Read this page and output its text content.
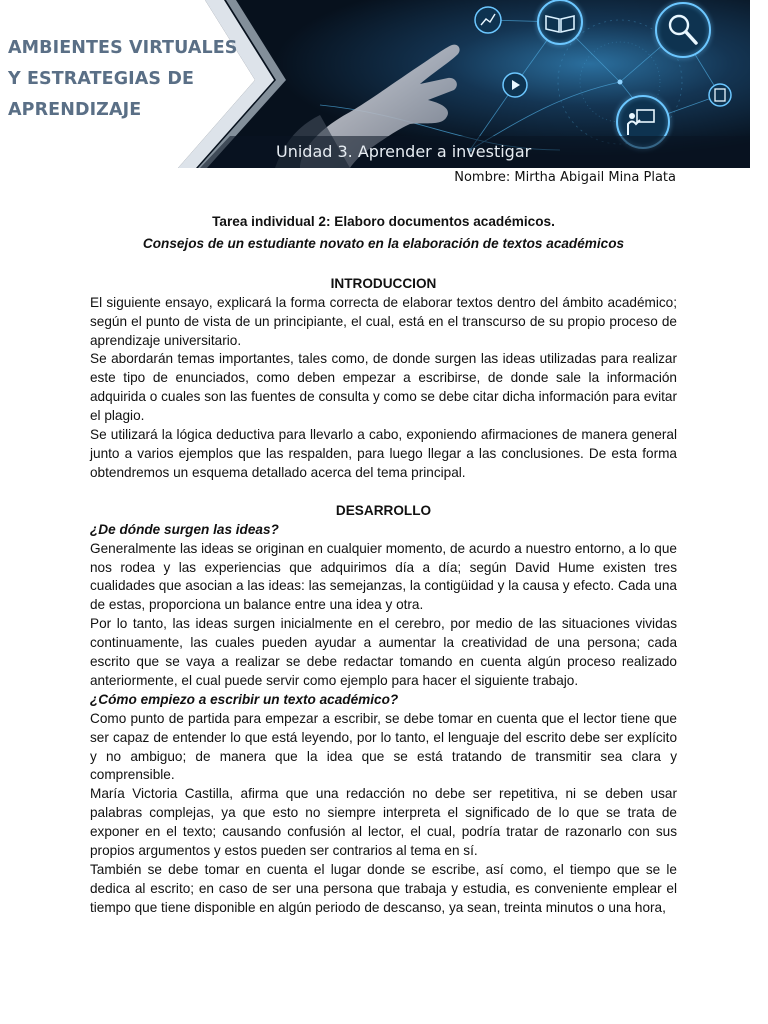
AMBIENTES VIRTUALES
Y ESTRATEGIAS DE
APRENDIZAJE
Unidad 3. Aprender a investigar
Nombre: Mirtha Abigail Mina Plata

Tarea individual 2: Elaboro documentos académicos.

Consejos de un estudiante novato en la elaboración de textos académicos

INTRODUCCION

El siguiente ensayo, explicará la forma correcta de elaborar textos dentro del ámbito académico; según el punto de vista de un principiante, el cual, está en el transcurso de su propio proceso de aprendizaje universitario.

Se abordarán temas importantes, tales como, de donde surgen las ideas utilizadas para realizar este tipo de enunciados, como deben empezar a escribirse, de donde sale la información adquirida o cuales son las fuentes de consulta y como se debe citar dicha información para evitar el plagio.

Se utilizará la lógica deductiva para llevarlo a cabo, exponiendo afirmaciones de manera general junto a varios ejemplos que las respalden, para luego llegar a las conclusiones. De esta forma obtendremos un esquema detallado acerca del tema principal.

DESARROLLO

¿De dónde surgen las ideas?

Generalmente las ideas se originan en cualquier momento, de acurdo a nuestro entorno, a lo que nos rodea y las experiencias que adquirimos día a día; según David Hume existen tres cualidades que asocian a las ideas: las semejanzas, la contigüidad y la causa y efecto. Cada una de estas, proporciona un balance entre una idea y otra.

Por lo tanto, las ideas surgen inicialmente en el cerebro, por medio de las situaciones vividas continuamente, las cuales pueden ayudar a aumentar la creatividad de una persona; cada escrito que se vaya a realizar se debe redactar tomando en cuenta algún proceso realizado anteriormente, el cual puede servir como ejemplo para hacer el siguiente trabajo.

¿Cómo empiezo a escribir un texto académico?

Como punto de partida para empezar a escribir, se debe tomar en cuenta que el lector tiene que ser capaz de entender lo que está leyendo, por lo tanto, el lenguaje del escrito debe ser explícito y no ambiguo; de manera que la idea que se está tratando de transmitir sea clara y comprensible.

María Victoria Castilla, afirma que una redacción no debe ser repetitiva, ni se deben usar palabras complejas, ya que esto no siempre interpreta el significado de lo que se trata de exponer en el texto; causando confusión al lector, el cual, podría tratar de razonarlo con sus propios argumentos y estos pueden ser contrarios al tema en sí.

También se debe tomar en cuenta el lugar donde se escribe, así como, el tiempo que se le dedica al escrito; en caso de ser una persona que trabaja y estudia, es conveniente emplear el tiempo que tiene disponible en algún periodo de descanso, ya sean, treinta minutos o una hora,
